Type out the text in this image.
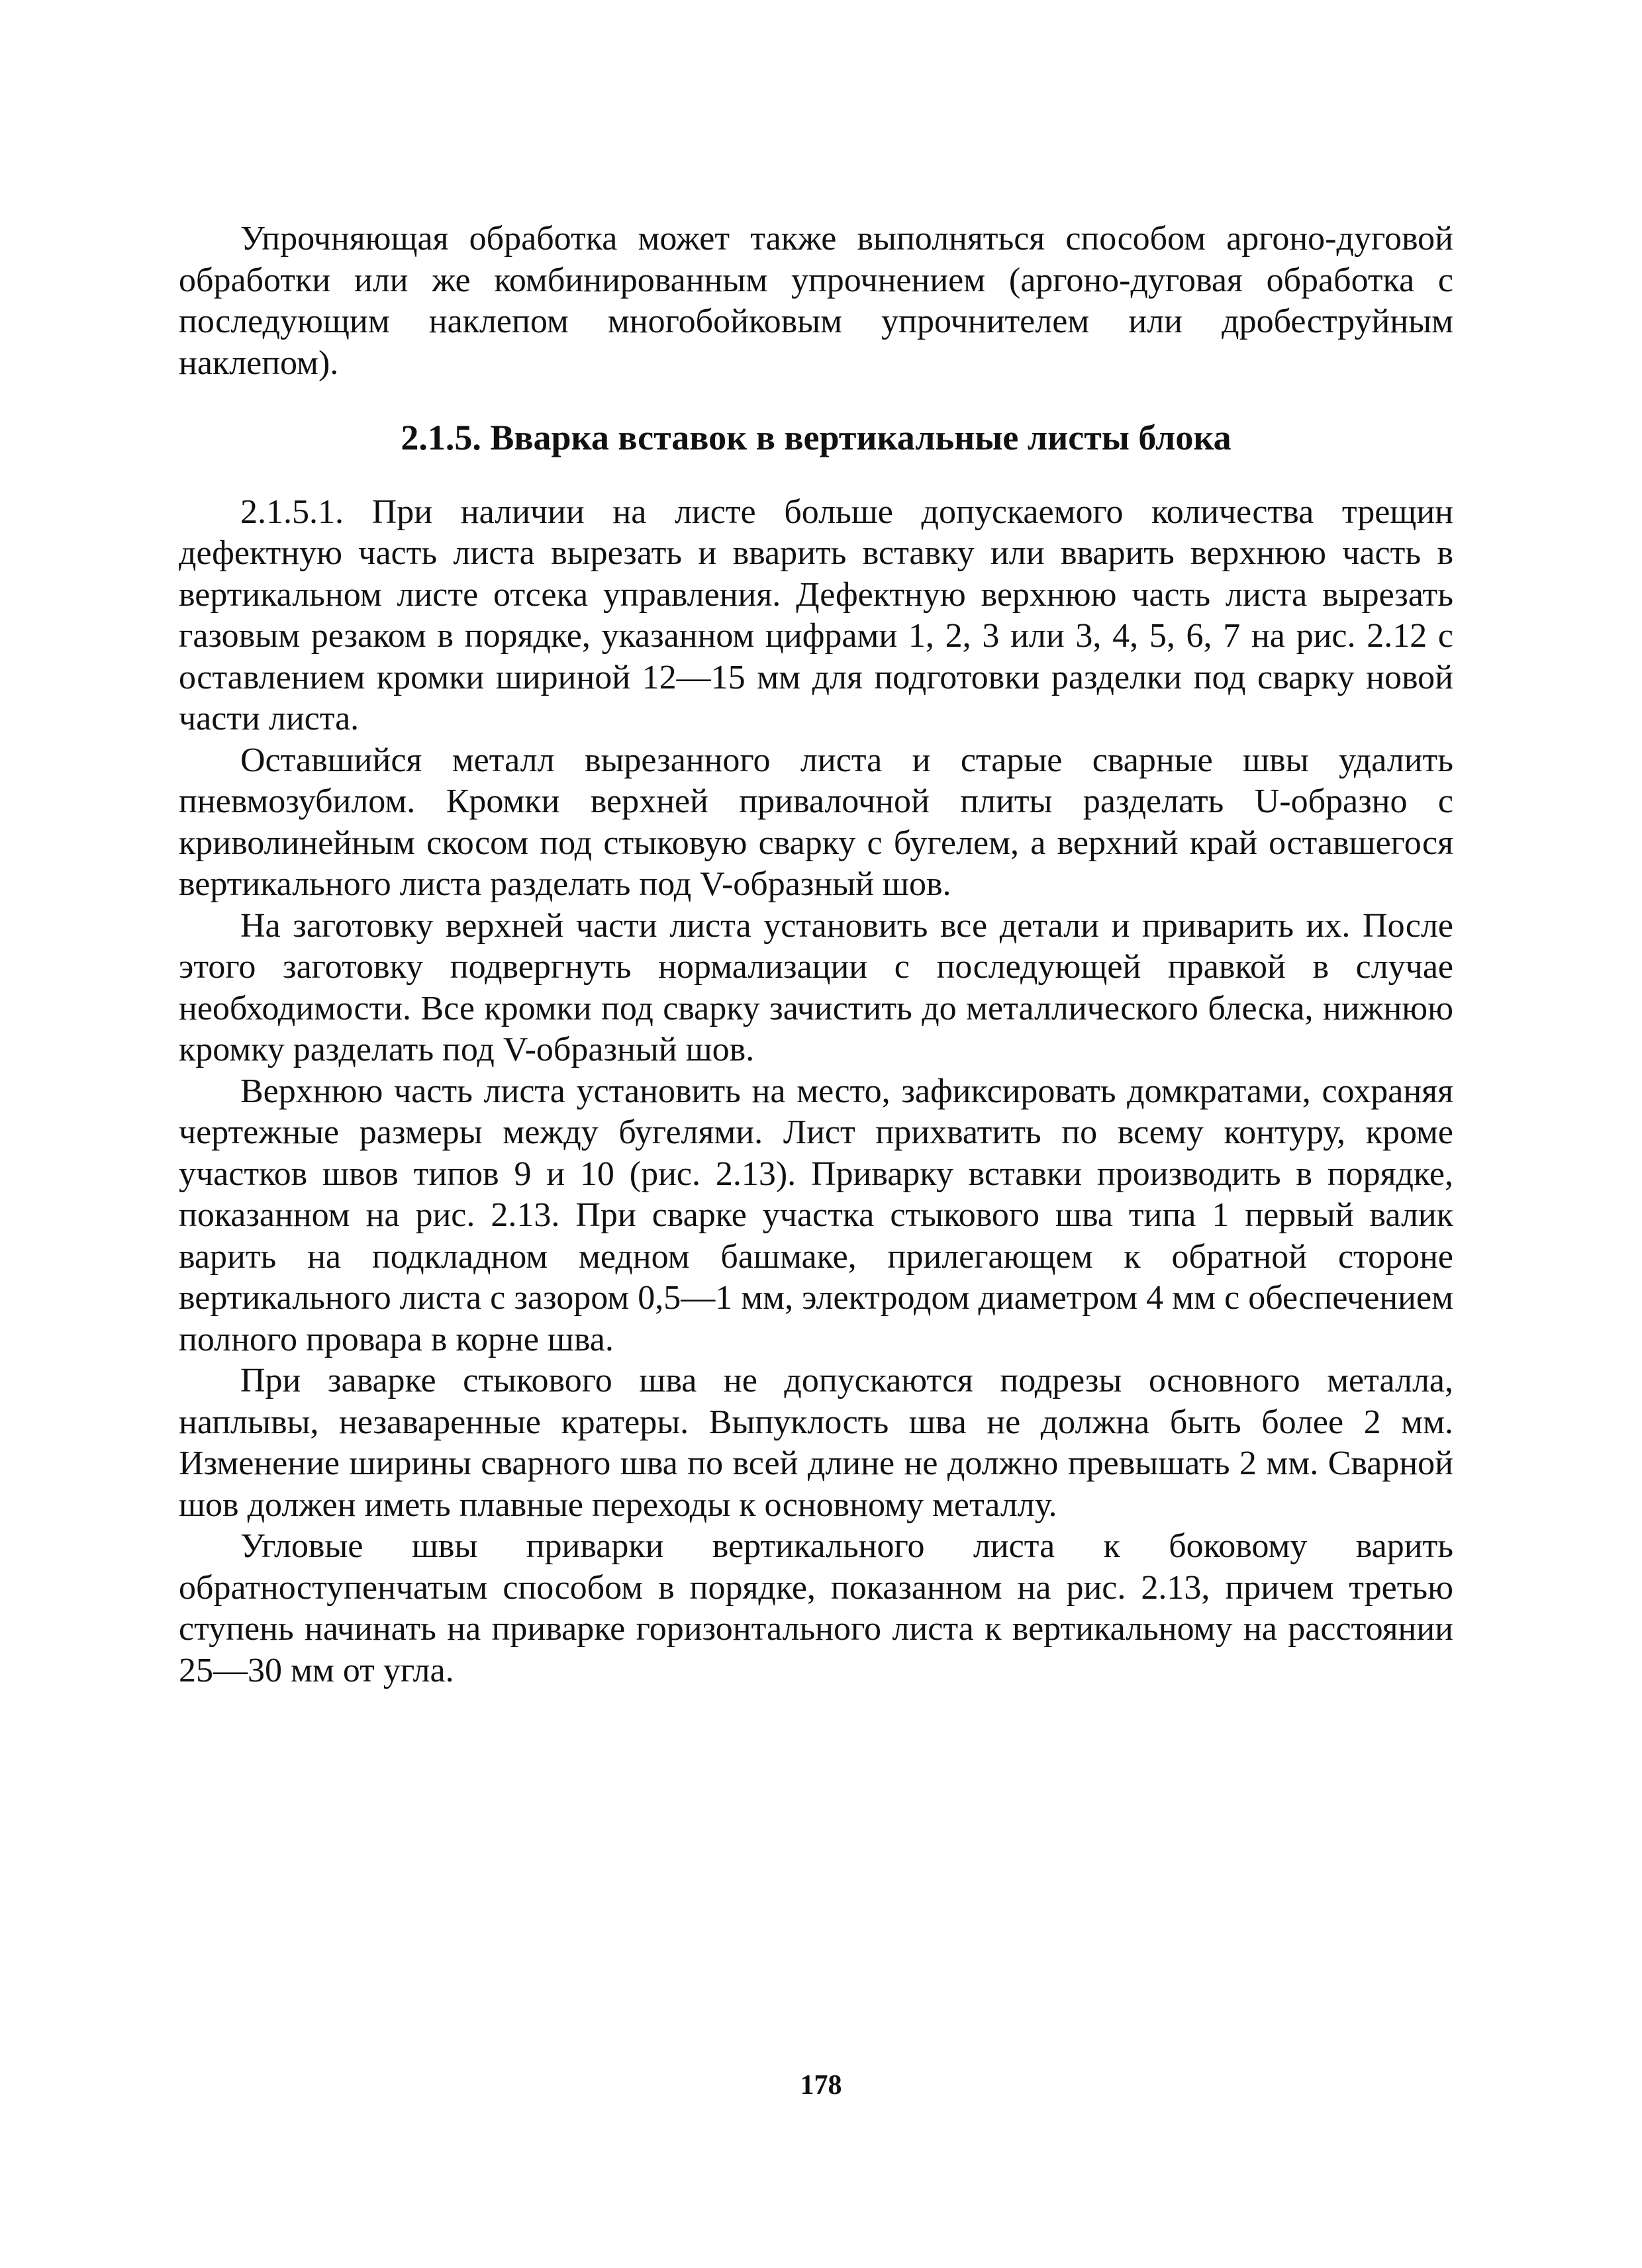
Упрочняющая обработка может также выполняться способом аргоно-дуговой обработки или же комбинированным упрочнением (аргоно-дуговая обработка с последующим наклепом многобойковым упрочнителем или дробеструйным наклепом).

2.1.5. Вварка вставок в вертикальные листы блока

2.1.5.1. При наличии на листе больше допускаемого количества трещин дефектную часть листа вырезать и вварить вставку или вварить верхнюю часть в вертикальном листе отсека управления. Дефектную верхнюю часть листа вырезать газовым резаком в порядке, указанном цифрами 1, 2, 3 или 3, 4, 5, 6, 7 на рис. 2.12 с оставлением кромки шириной 12—15 мм для подготовки разделки под сварку новой части листа.

Оставшийся металл вырезанного листа и старые сварные швы удалить пневмозубилом. Кромки верхней привалочной плиты разделать U-образно с криволинейным скосом под стыковую сварку с бугелем, а верхний край оставшегося вертикального листа разделать под V-образный шов.

На заготовку верхней части листа установить все детали и приварить их. После этого заготовку подвергнуть нормализации с последующей правкой в случае необходимости. Все кромки под сварку зачистить до металлического блеска, нижнюю кромку разделать под V-образный шов.

Верхнюю часть листа установить на место, зафиксировать домкратами, сохраняя чертежные размеры между бугелями. Лист прихватить по всему контуру, кроме участков швов типов 9 и 10 (рис. 2.13). Приварку вставки производить в порядке, показанном на рис. 2.13. При сварке участка стыкового шва типа 1 первый валик варить на подкладном медном башмаке, прилегающем к обратной стороне вертикального листа с зазором 0,5—1 мм, электродом диаметром 4 мм с обеспечением полного провара в корне шва.

При заварке стыкового шва не допускаются подрезы основного металла, наплывы, незаваренные кратеры. Выпуклость шва не должна быть более 2 мм. Изменение ширины сварного шва по всей длине не должно превышать 2 мм. Сварной шов должен иметь плавные переходы к основному металлу.

Угловые швы приварки вертикального листа к боковому варить обратноступенчатым способом в порядке, показанном на рис. 2.13, причем третью ступень начинать на приварке горизонтального листа к вертикальному на расстоянии 25—30 мм от угла.

178
